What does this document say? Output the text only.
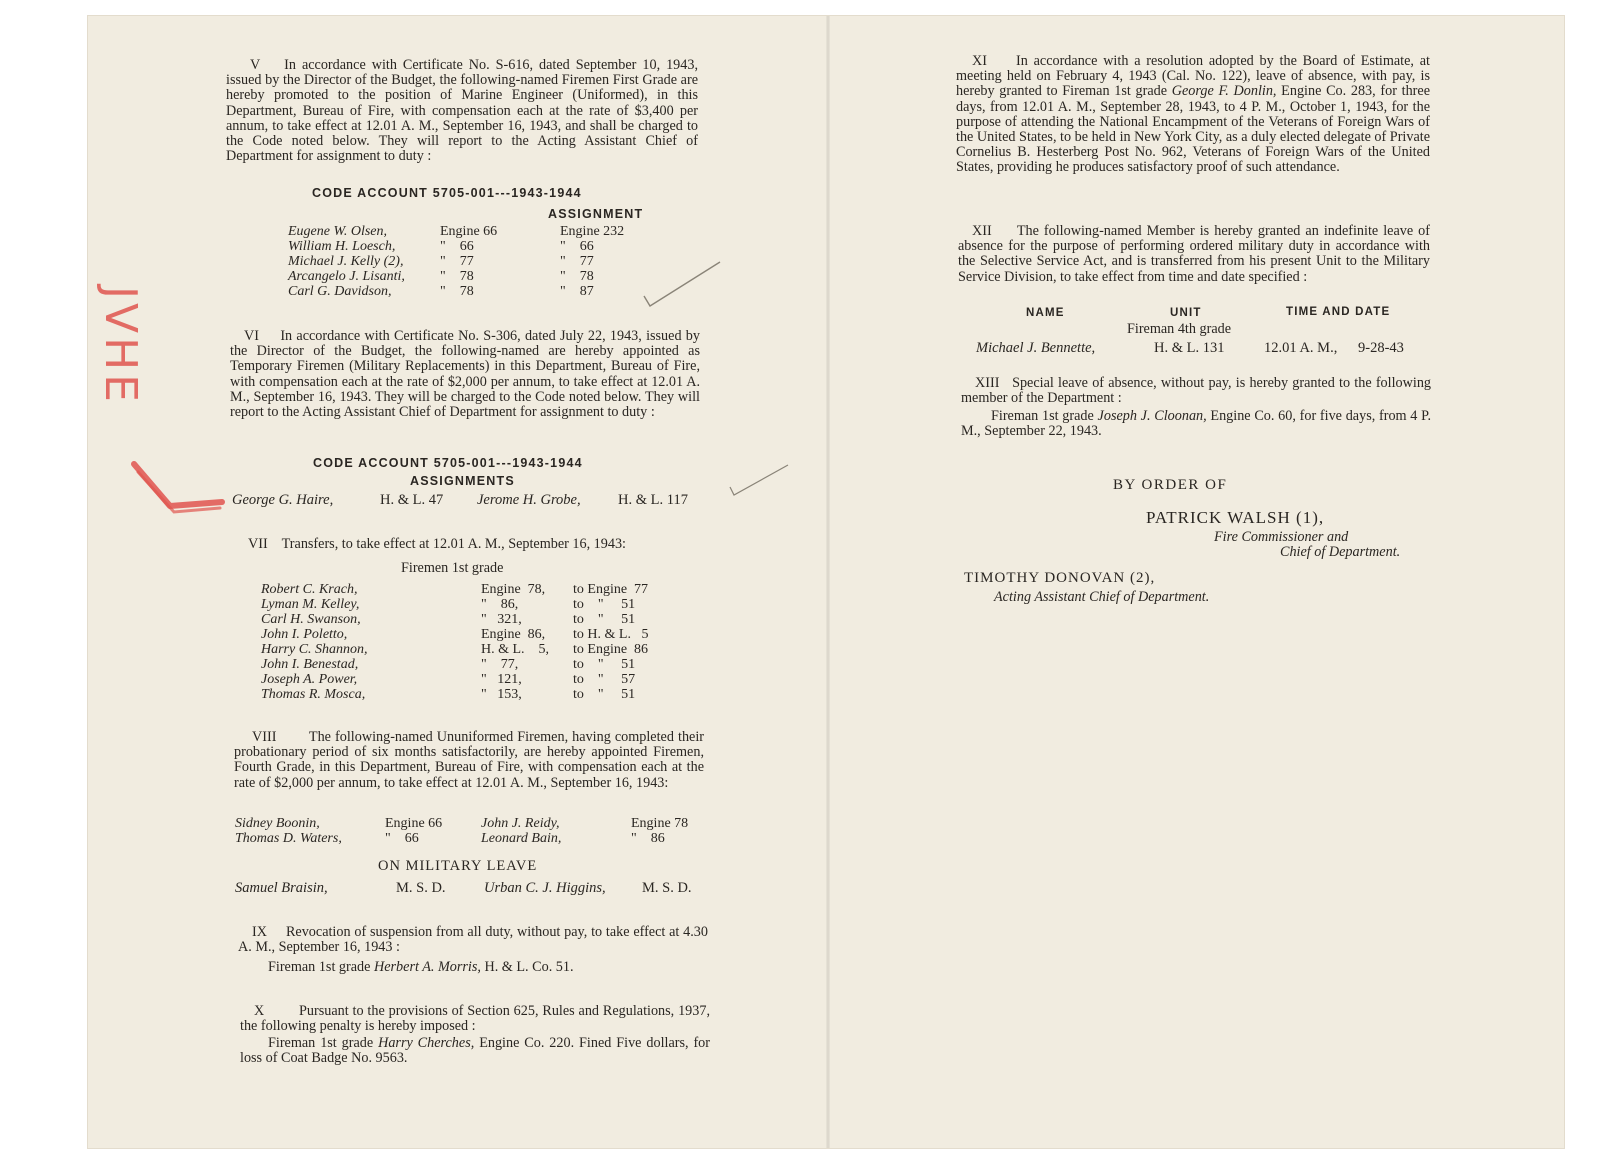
V In accordance with Certificate No. S-616, dated September 10, 1943, issued by the Director of the Budget, the following-named Firemen First Grade are hereby promoted to the position of Marine Engineer (Uniformed), in this Department, Bureau of Fire, with compensation each at the rate of $3,400 per annum, to take effect at 12.01 A. M., September 16, 1943, and shall be charged to the Code noted below. They will report to the Acting Assistant Chief of Department for assignment to duty :

CODE ACCOUNT 5705-001---1943-1944
ASSIGNMENT
Eugene W. Olsen,	Engine 66	Engine 232
William H. Loesch,	"    66	"    66
Michael J. Kelly (2),	"    77	"    77
Arcangelo J. Lisanti,	"    78	"    78
Carl G. Davidson,	"    78	"    87

VI In accordance with Certificate No. S-306, dated July 22, 1943, issued by the Director of the Budget, the following-named are hereby appointed as Temporary Firemen (Military Replacements) in this Department, Bureau of Fire, with compensation each at the rate of $2,000 per annum, to take effect at 12.01 A. M., September 16, 1943. They will be charged to the Code noted below. They will report to the Acting Assistant Chief of Department for assignment to duty :

CODE ACCOUNT 5705-001---1943-1944
ASSIGNMENTS
George G. Haire,	H. & L. 47 Jerome H. Grobe,	H. & L. 117
VII    Transfers, to take effect at 12.01 A. M., September 16, 1943:
Firemen 1st grade
Robert C. Krach,	Engine  78,	to Engine  77
Lyman M. Kelley,	"    86,	to    "     51
Carl H. Swanson,	"   321,	to    "     51
John I. Poletto,	Engine  86,	to H. & L.   5
Harry C. Shannon,	H. & L.    5,	to Engine  86
John I. Benestad,	"    77,	to    "     51
Joseph A. Power,	"   121,	to    "     57
Thomas R. Mosca,	"   153,	to    "     51

VIII The following-named Ununiformed Firemen, having completed their probationary period of six months satisfactorily, are hereby appointed Firemen, Fourth Grade, in this Department, Bureau of Fire, with compensation each at the rate of $2,000 per annum, to take effect at 12.01 A. M., September 16, 1943:

Sidney Boonin,	Engine 66	John J. Reidy,	Engine 78
Thomas D. Waters,	"    66	Leonard Bain,	"    86
ON MILITARY LEAVE
Samuel Braisin,	M. S. D.	Urban C. J. Higgins,	M. S. D.

IX Revocation of suspension from all duty, without pay, to take effect at 4.30 A. M., September 16, 1943 :

Fireman 1st grade Herbert A. Morris, H. & L. Co. 51.

X Pursuant to the provisions of Section 625, Rules and Regulations, 1937, the following penalty is hereby imposed :

Fireman 1st grade Harry Cherches, Engine Co. 220. Fined Five dollars, for loss of Coat Badge No. 9563.

JVHE

XI In accordance with a resolution adopted by the Board of Estimate, at meeting held on February 4, 1943 (Cal. No. 122), leave of absence, with pay, is hereby granted to Fireman 1st grade George F. Donlin, Engine Co. 283, for three days, from 12.01 A. M., September 28, 1943, to 4 P. M., October 1, 1943, for the purpose of attending the National Encampment of the Veterans of Foreign Wars of the United States, to be held in New York City, as a duly elected delegate of Private Cornelius B. Hesterberg Post No. 962, Veterans of Foreign Wars of the United States, providing he produces satisfactory proof of such attendance.

XII The following-named Member is hereby granted an indefinite leave of absence for the purpose of performing ordered military duty in accordance with the Selective Service Act, and is transferred from his present Unit to the Military Service Division, to take effect from time and date specified :

NAME	UNIT	TIME AND DATE
Fireman 4th grade
Michael J. Bennette,	H. & L. 131	12.01 A. M., 9-28-43

XIII Special leave of absence, without pay, is hereby granted to the following member of the Department :

Fireman 1st grade Joseph J. Cloonan, Engine Co. 60, for five days, from 4 P. M., September 22, 1943.

BY ORDER OF
PATRICK WALSH (1),
Fire Commissioner and
Chief of Department.
TIMOTHY DONOVAN (2),
Acting Assistant Chief of Department.
